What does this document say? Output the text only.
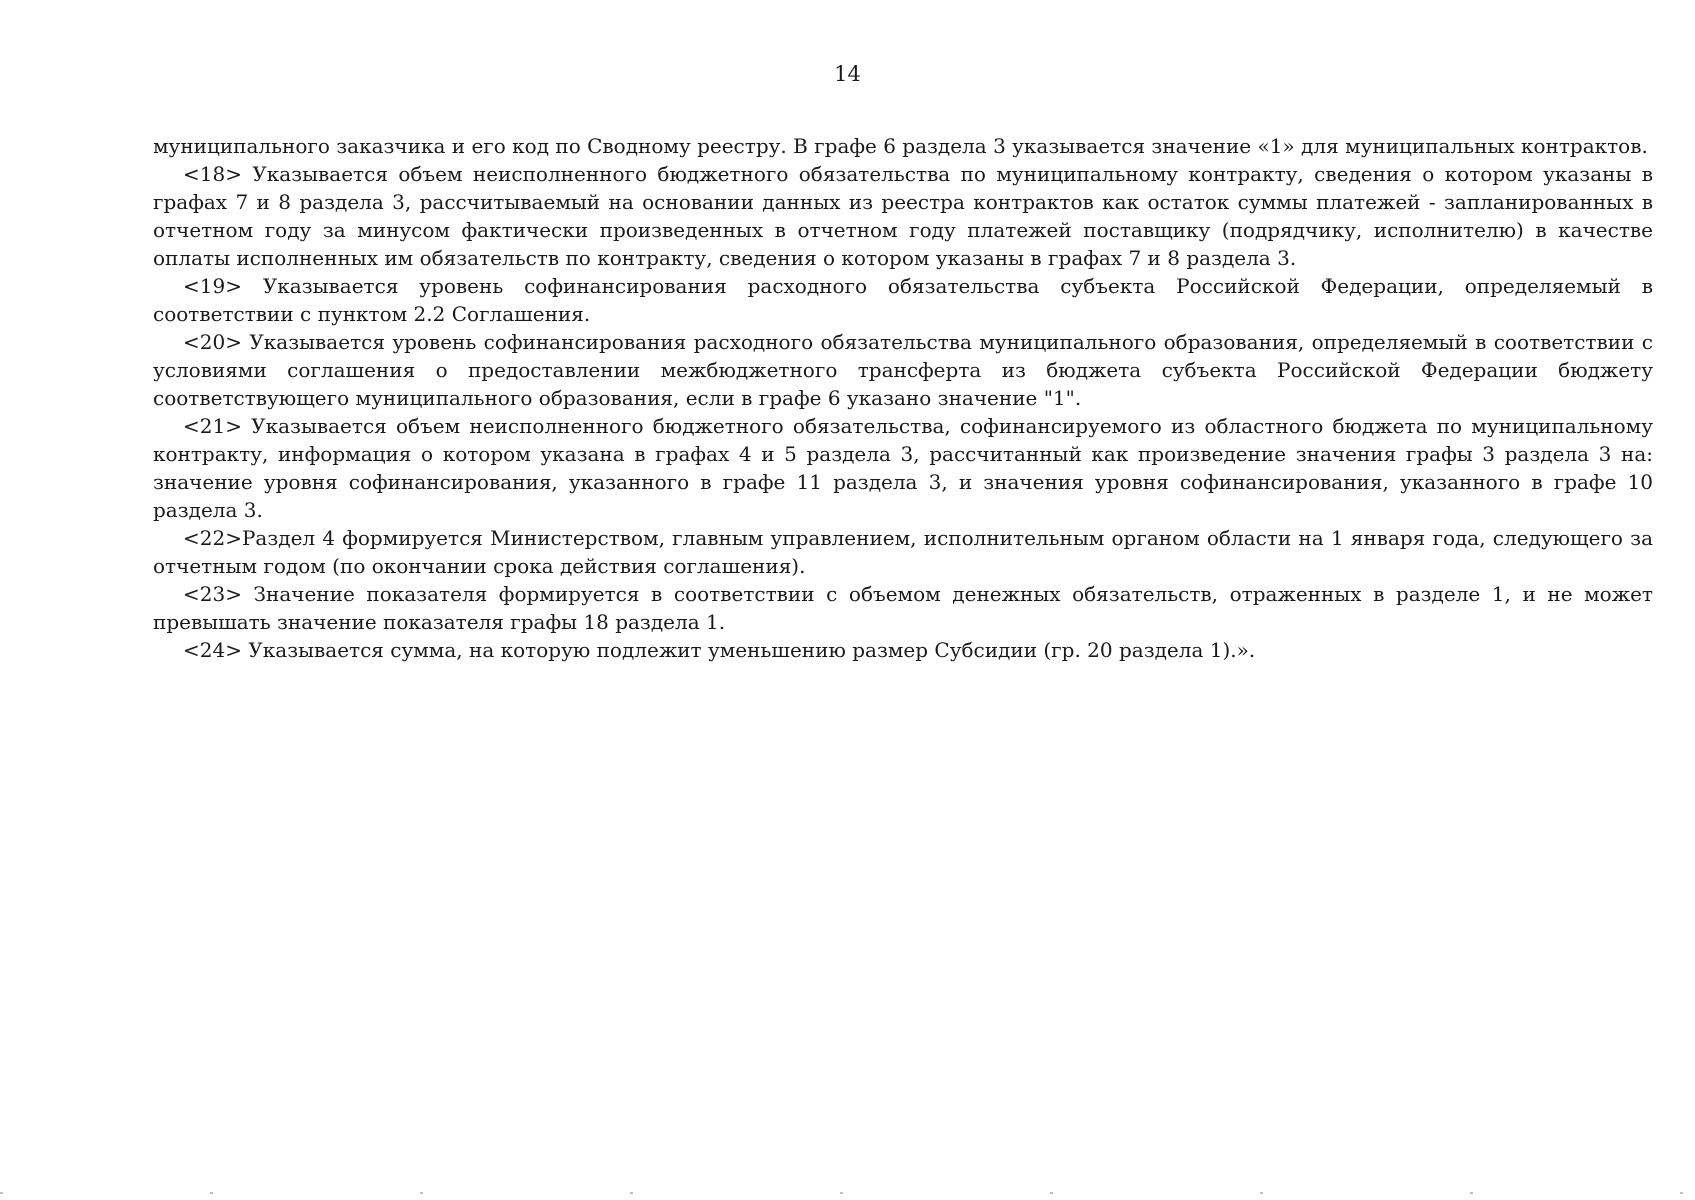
14

муниципального заказчика и его код по Сводному реестру. В графе 6 раздела 3 указывается значение «1» для муниципальных контрактов.

<18> Указывается объем неисполненного бюджетного обязательства по муниципальному контракту, сведения о котором указаны в графах 7 и 8 раздела 3, рассчитываемый на основании данных из реестра контрактов как остаток суммы платежей - запланированных в отчетном году за минусом фактически произведенных в отчетном году платежей поставщику (подрядчику, исполнителю) в качестве оплаты исполненных им обязательств по контракту, сведения о котором указаны в графах 7 и 8 раздела 3.

<19> Указывается уровень софинансирования расходного обязательства субъекта Российской Федерации, определяемый в соответствии с пунктом 2.2 Соглашения.

<20> Указывается уровень софинансирования расходного обязательства муниципального образования, определяемый в соответствии с условиями соглашения о предоставлении межбюджетного трансферта из бюджета субъекта Российской Федерации бюджету соответствующего муниципального образования, если в графе 6 указано значение "1".

<21> Указывается объем неисполненного бюджетного обязательства, софинансируемого из областного бюджета по муниципальному контракту, информация о котором указана в графах 4 и 5 раздела 3, рассчитанный как произведение значения графы 3 раздела 3 на: значение уровня софинансирования, указанного в графе 11 раздела 3, и значения уровня софинансирования, указанного в графе 10 раздела 3.

<22>Раздел 4 формируется Министерством, главным управлением, исполнительным органом области на 1 января года, следующего за отчетным годом (по окончании срока действия соглашения).

<23> Значение показателя формируется в соответствии с объемом денежных обязательств, отраженных в разделе 1, и не может превышать значение показателя графы 18 раздела 1.

<24> Указывается сумма, на которую подлежит уменьшению размер Субсидии (гр. 20 раздела 1).».
